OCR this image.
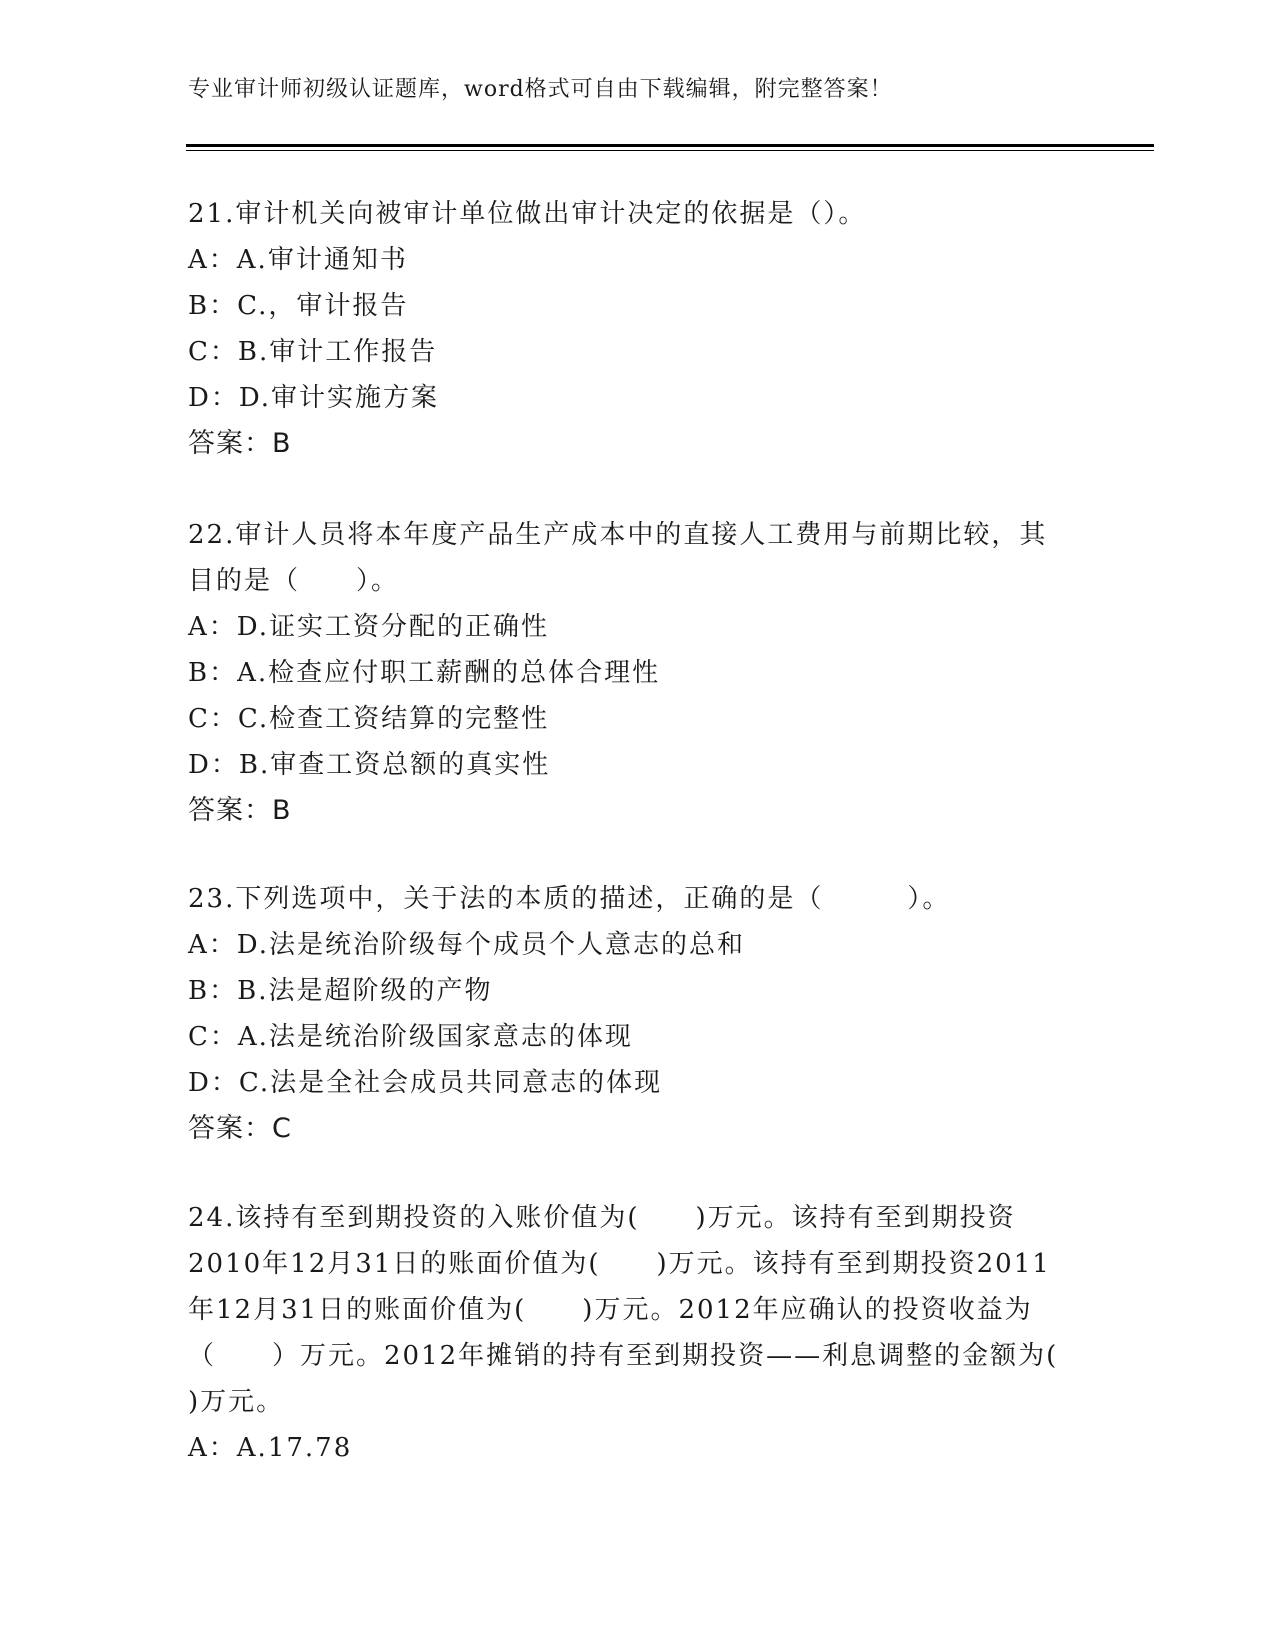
专业审计师初级认证题库，word格式可自由下载编辑，附完整答案！
21.审计机关向被审计单位做出审计决定的依据是（）。
A：A.审计通知书
B：C.，审计报告
C：B.审计工作报告
D：D.审计实施方案
答案：B
22.审计人员将本年度产品生产成本中的直接人工费用与前期比较，其
目的是（　　）。
A：D.证实工资分配的正确性
B：A.检查应付职工薪酬的总体合理性
C：C.检查工资结算的完整性
D：B.审查工资总额的真实性
答案：B
23.下列选项中，关于法的本质的描述，正确的是（　　　）。
A：D.法是统治阶级每个成员个人意志的总和
B：B.法是超阶级的产物
C：A.法是统治阶级国家意志的体现
D：C.法是全社会成员共同意志的体现
答案：C
24.该持有至到期投资的入账价值为(　　)万元。该持有至到期投资
2010年12月31日的账面价值为(　　)万元。该持有至到期投资2011
年12月31日的账面价值为(　　)万元。2012年应确认的投资收益为
（　　）万元。2012年摊销的持有至到期投资——利息调整的金额为(
)万元。
A：A.17.78
